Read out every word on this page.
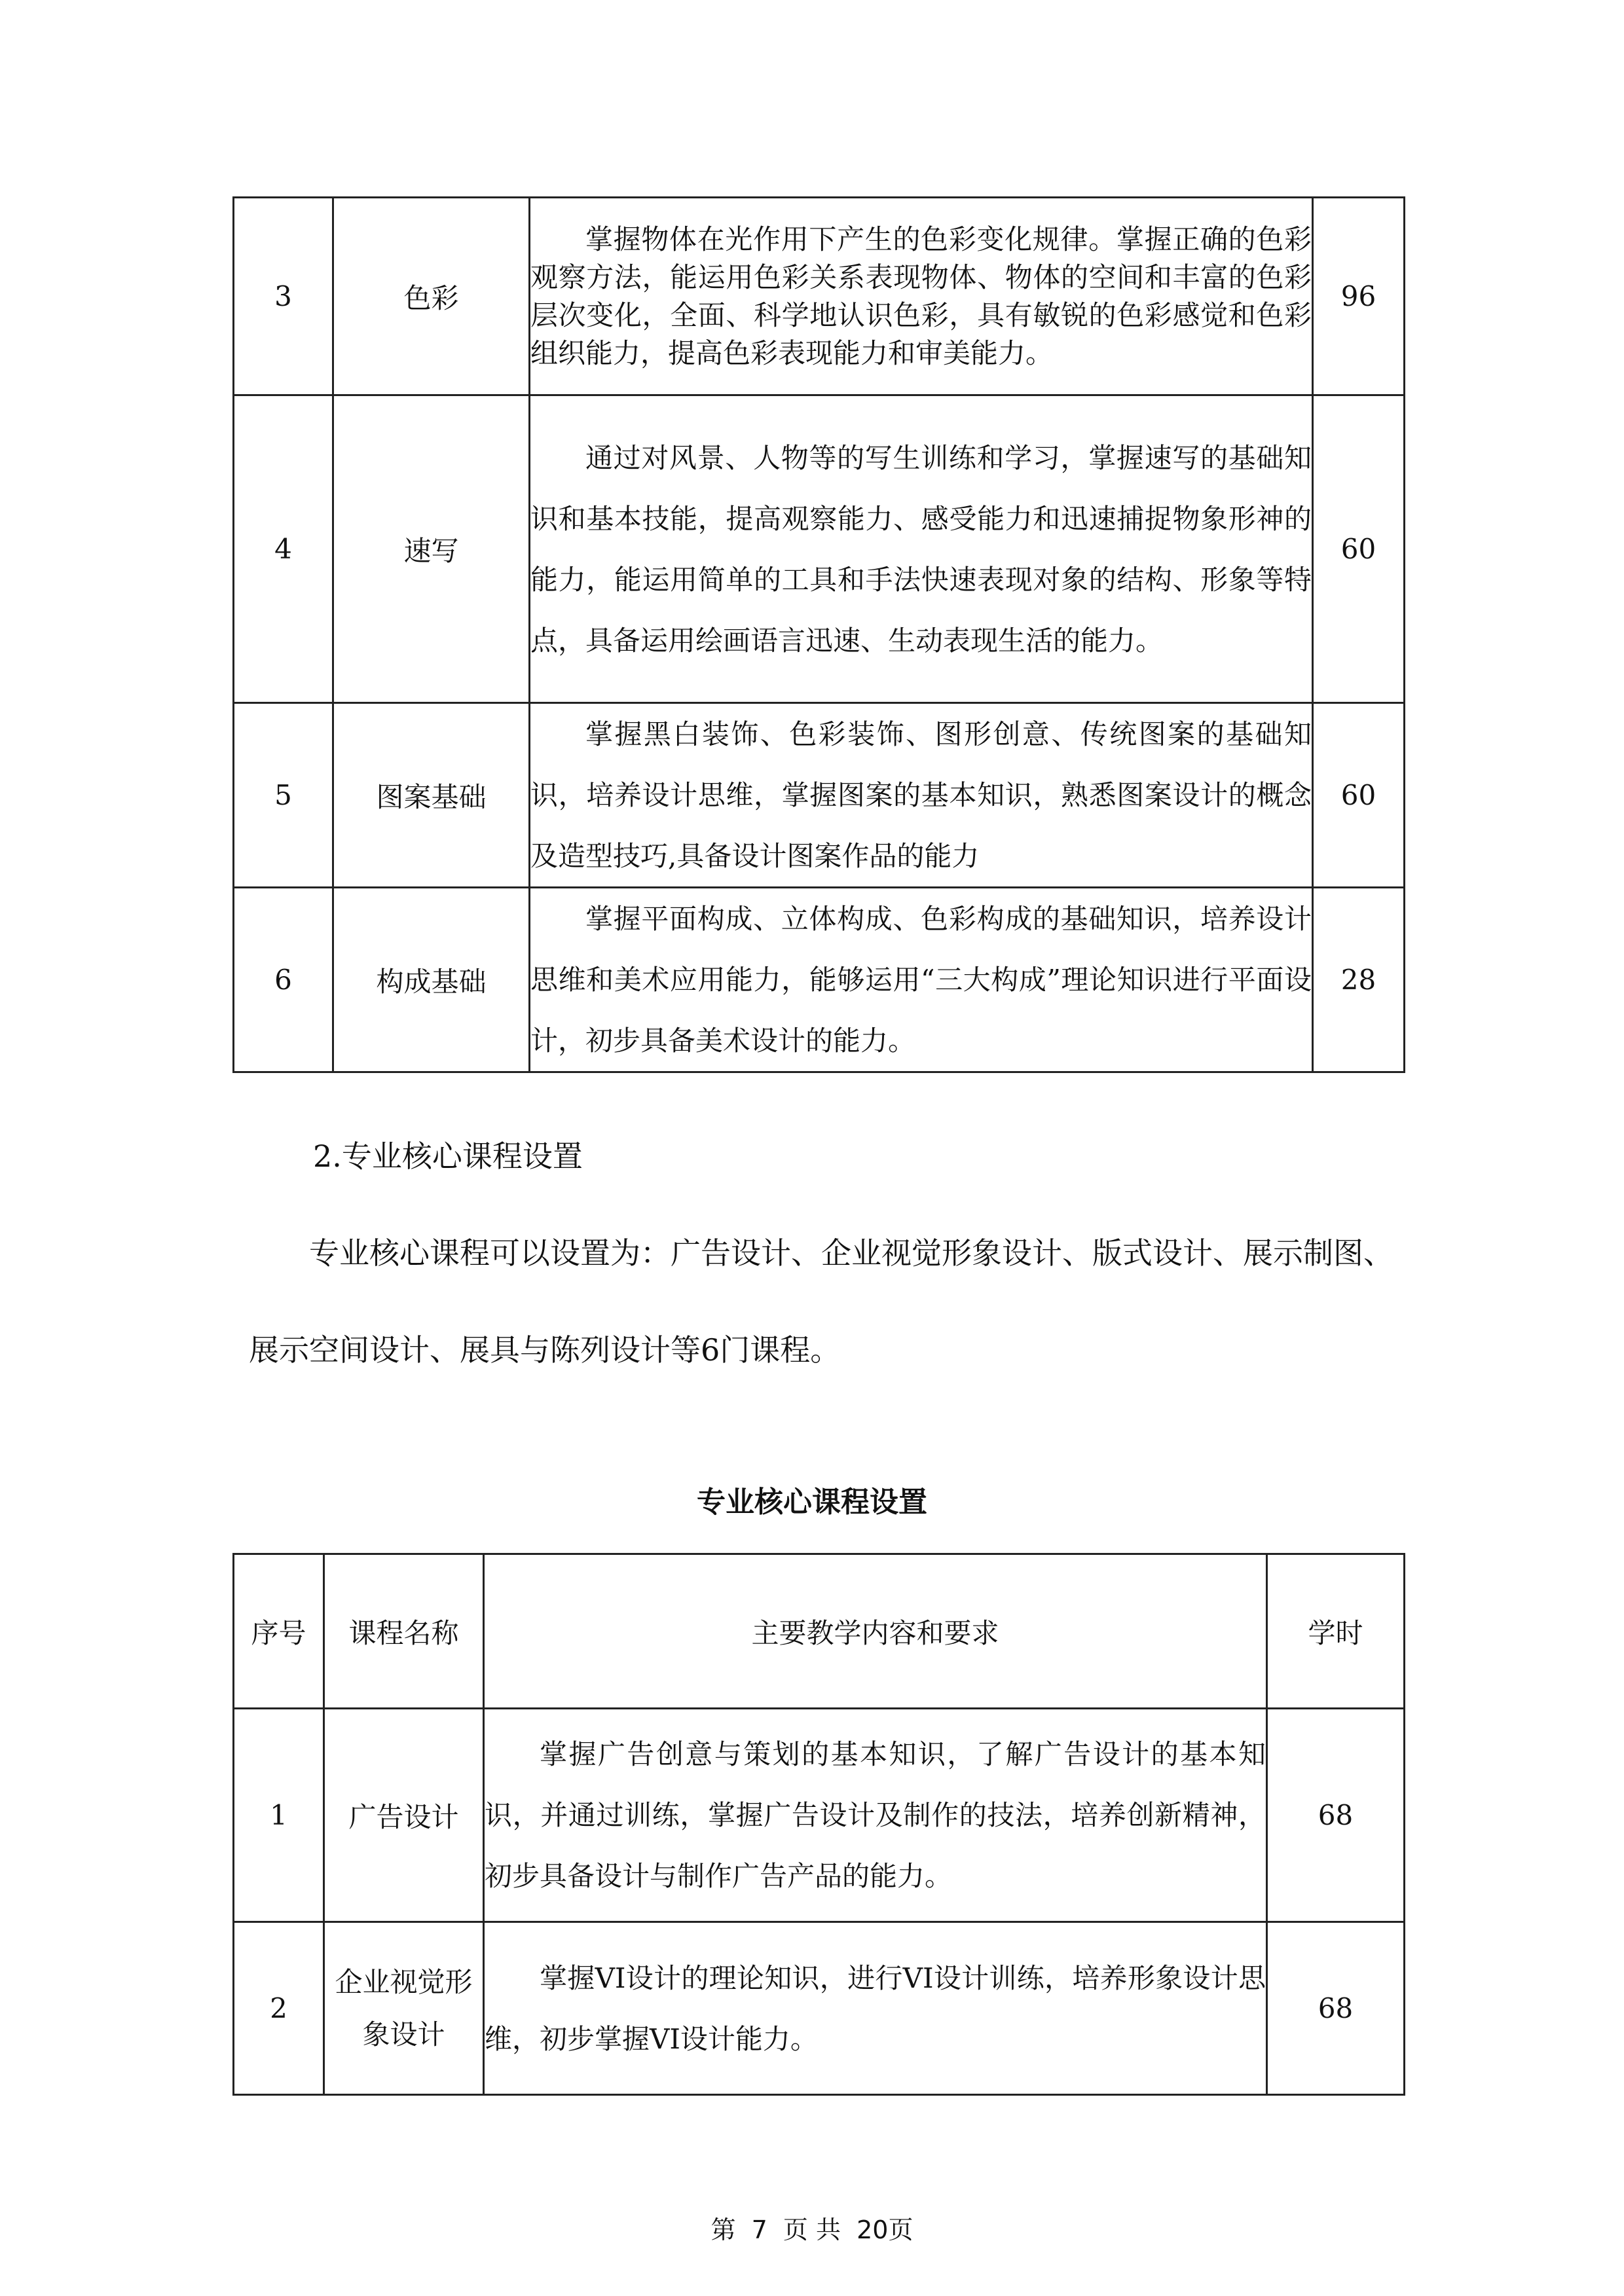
3	色彩	掌握物体在光作用下产生的色彩变化规律。掌握正确的色彩观察方法，能运用色彩关系表现物体、物体的空间和丰富的色彩层次变化，全面、科学地认识色彩，具有敏锐的色彩感觉和色彩组织能力，提高色彩表现能力和审美能力。	96
4	速写	通过对风景、人物等的写生训练和学习，掌握速写的基础知识和基本技能，提高观察能力、感受能力和迅速捕捉物象形神的能力，能运用简单的工具和手法快速表现对象的结构、形象等特点，具备运用绘画语言迅速、生动表现生活的能力。	60
5	图案基础	掌握黑白装饰、色彩装饰、图形创意、传统图案的基础知识，培养设计思维，掌握图案的基本知识，熟悉图案设计的概念及造型技巧,具备设计图案作品的能力	60
6	构成基础	掌握平面构成、立体构成、色彩构成的基础知识，培养设计思维和美术应用能力，能够运用“三大构成”理论知识进行平面设计，初步具备美术设计的能力。	28
2.专业核心课程设置

专业核心课程可以设置为：广告设计、企业视觉形象设计、版式设计、展示制图、展示空间设计、展具与陈列设计等6门课程。

专业核心课程设置

序号	课程名称	主要教学内容和要求	学时
1	广告设计	掌握广告创意与策划的基本知识，了解广告设计的基本知识，并通过训练，掌握广告设计及制作的技法，培养创新精神，初步具备设计与制作广告产品的能力。	68
2	企业视觉形象设计	掌握VI设计的理论知识，进行VI设计训练，培养形象设计思维，初步掌握VI设计能力。	68
第 7 页 共 20页
